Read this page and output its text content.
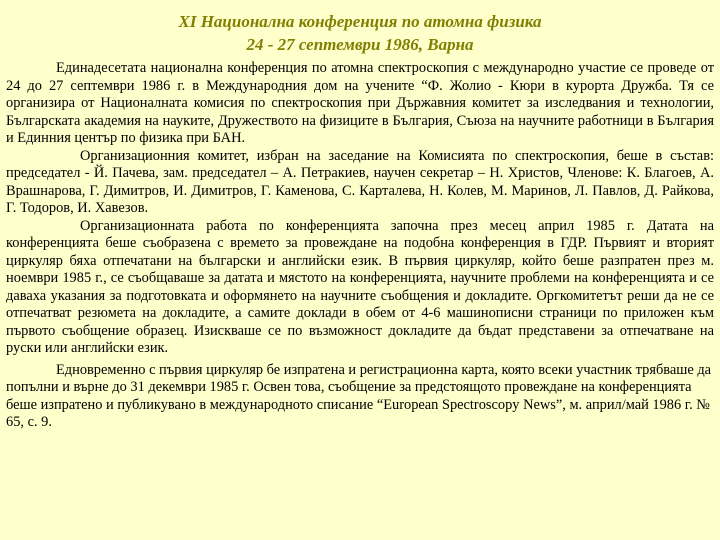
XI Национална конференция по атомна физика
24 - 27 септември 1986, Варна

Единадесетата национална конференция по атомна спектроскопия с международно участие се проведе от 24 до 27 септември 1986 г. в Международния дом на учените “Ф. Жолио - Кюри в курорта Дружба. Тя се организира от Националната комисия по спектроскопия при Държавния комитет за изследвания и технологии, Българската академия на науките, Дружеството на физиците в България, Съюза на научните работници в България и Единния център по физика при БАН.

Организационния комитет, избран на заседание на Комисията по спектроскопия, беше в състав: председател - Й. Пачева, зам. председател – А. Петракиев, научен секретар – Н. Христов, Членове: К. Благоев, А. Врашнарова, Г. Димитров, И. Димитров, Г. Каменова, С. Карталева, Н. Колев, М. Маринов, Л. Павлов, Д. Райкова, Г. Тодоров, И. Хавезов.

Организационната работа по конференцията започна през месец април 1985 г. Датата на конференцията беше съобразена с времето за провеждане на подобна конференция в ГДР. Първият и вторият циркуляр бяха отпечатани на български и английски език. В първия циркуляр, който беше разпратен през м. ноември 1985 г., се съобщаваше за датата и мястото на конференцията, научните проблеми на конференцията и се даваха указания за подготовката и оформянето на научните съобщения и докладите. Оргкомитетът реши да не се отпечатват резюмета на докладите, а самите доклади в обем от 4-6 машинописни страници по приложен към първото съобщение образец. Изискваше се по възможност докладите да бъдат представени за отпечатване на руски или английски език.

Едновременно с първия циркуляр бе изпратена и регистрационна карта, която всеки участник трябваше да попълни и върне до 31 декември 1985 г. Освен това, съобщение за предстоящото провеждане на конференцията беше изпратено и публикувано в международното списание “European Spectroscopy News”, м. април/май 1986 г. № 65, с. 9.
